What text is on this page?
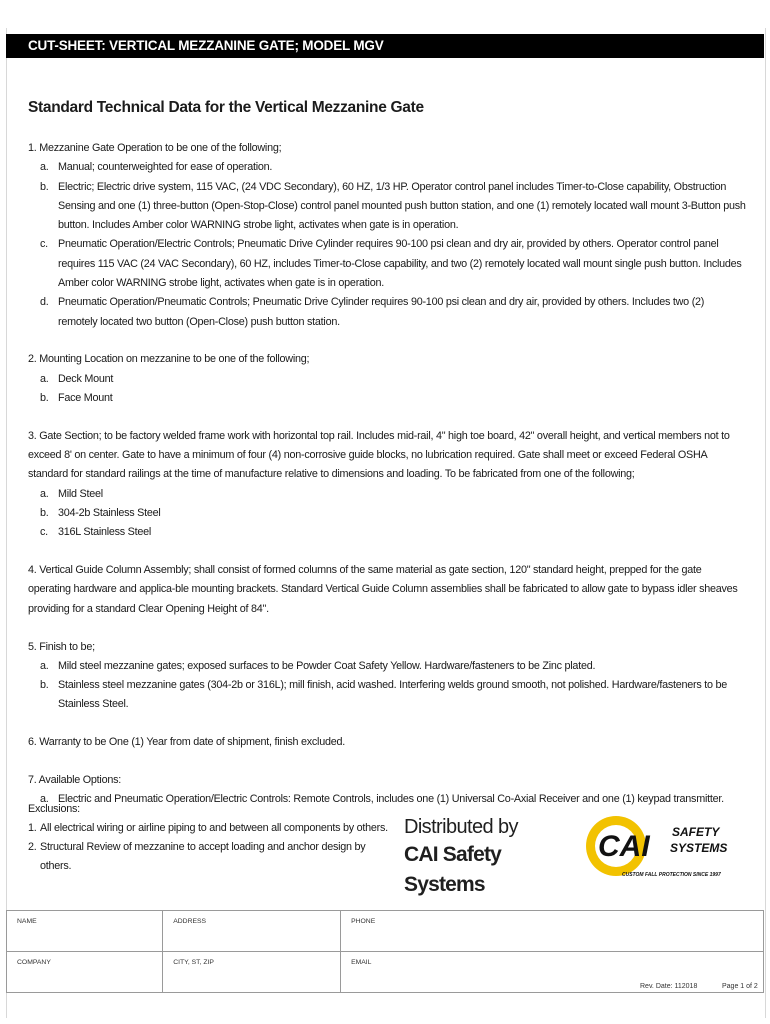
CUT-SHEET: VERTICAL MEZZANINE GATE; MODEL MGV
Standard Technical Data for the Vertical Mezzanine Gate

1. Mezzanine Gate Operation to be one of the following;

a. Manual; counterweighted for ease of operation.
b. Electric; Electric drive system, 115 VAC, (24 VDC Secondary), 60 HZ, 1/3 HP. Operator control panel includes Timer-to-Close capability, Obstruction Sensing and one (1) three-button (Open-Stop-Close) control panel mounted push button station, and one (1) remotely located wall mount 3-Button push button. Includes Amber color WARNING strobe light, activates when gate is in operation.
c. Pneumatic Operation/Electric Controls; Pneumatic Drive Cylinder requires 90-100 psi clean and dry air, provided by others. Operator control panel requires 115 VAC (24 VAC Secondary), 60 HZ, includes Timer-to-Close capability, and two (2) remotely located wall mount single push button. Includes Amber color WARNING strobe light, activates when gate is in operation.
d. Pneumatic Operation/Pneumatic Controls; Pneumatic Drive Cylinder requires 90-100 psi clean and dry air, provided by others. Includes two (2) remotely located two button (Open-Close) push button station.

2. Mounting Location on mezzanine to be one of the following;

a. Deck Mount
b. Face Mount

3. Gate Section; to be factory welded frame work with horizontal top rail. Includes mid-rail, 4" high toe board, 42" overall height, and vertical members not to exceed 8' on center. Gate to have a minimum of four (4) non-corrosive guide blocks, no lubrication required. Gate shall meet or exceed Federal OSHA standard for standard railings at the time of manufacture relative to dimensions and loading. To be fabricated from one of the following;

a. Mild Steel
b. 304-2b Stainless Steel
c. 316L Stainless Steel

4. Vertical Guide Column Assembly; shall consist of formed columns of the same material as gate section, 120" standard height, prepped for the gate operating hardware and applica-ble mounting brackets. Standard Vertical Guide Column assemblies shall be fabricated to allow gate to bypass idler sheaves providing for a standard Clear Opening Height of 84".

5. Finish to be;

a. Mild steel mezzanine gates; exposed surfaces to be Powder Coat Safety Yellow. Hardware/fasteners to be Zinc plated.
b. Stainless steel mezzanine gates (304-2b or 316L); mill finish, acid washed. Interfering welds ground smooth, not polished. Hardware/fasteners to be Stainless Steel.

6. Warranty to be One (1) Year from date of shipment, finish excluded.

7. Available Options:

a. Electric and Pneumatic Operation/Electric Controls: Remote Controls, includes one (1) Universal Co-Axial Receiver and one (1) keypad transmitter.

Exclusions:

1. All electrical wiring or airline piping to and between all components by others.
2. Structural Review of mezzanine to accept loading and anchor design by others.
Distributed by
CAI Safety Systems
CAI SAFETY
SYSTEMS
CUSTOM FALL PROTECTION SINCE 1997
NAME	ADDRESS	PHONE
COMPANY	CITY, ST, ZIP	EMAIL
Rev. Date: 112018	Page 1 of 2
